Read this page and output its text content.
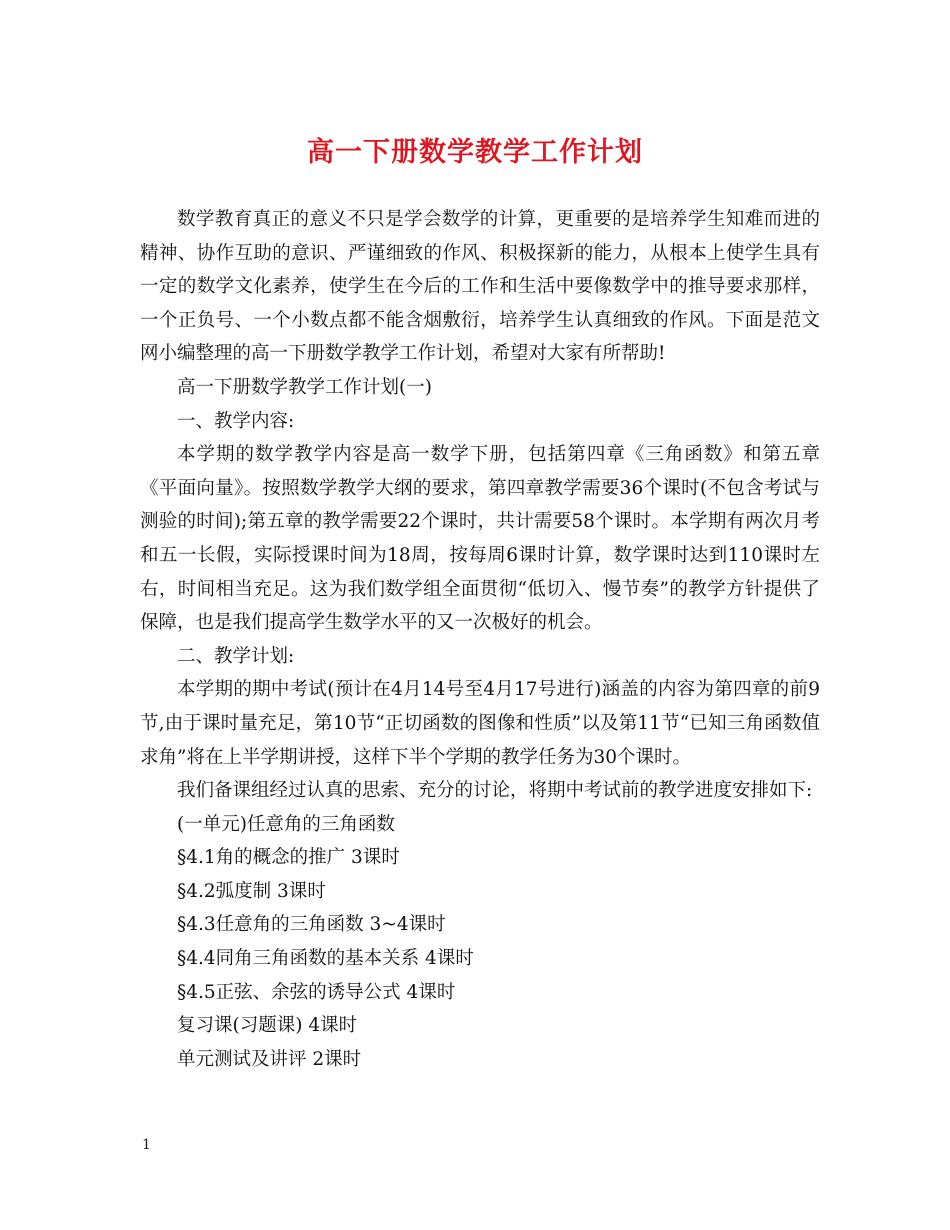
高一下册数学教学工作计划

数学教育真正的意义不只是学会数学的计算，更重要的是培养学生知难而进的精神、协作互助的意识、严谨细致的作风、积极探新的能力，从根本上使学生具有一定的数学文化素养，使学生在今后的工作和生活中要像数学中的推导要求那样，一个正负号、一个小数点都不能含烟敷衍，培养学生认真细致的作风。下面是范文网小编整理的高一下册数学教学工作计划，希望对大家有所帮助!

高一下册数学教学工作计划(一)

一、教学内容:

本学期的数学教学内容是高一数学下册，包括第四章《三角函数》和第五章《平面向量》。按照数学教学大纲的要求，第四章教学需要36个课时(不包含考试与测验的时间);第五章的教学需要22个课时，共计需要58个课时。本学期有两次月考和五一长假，实际授课时间为18周，按每周6课时计算，数学课时达到110课时左右，时间相当充足。这为我们数学组全面贯彻“低切入、慢节奏”的教学方针提供了保障，也是我们提高学生数学水平的又一次极好的机会。

二、教学计划:

本学期的期中考试(预计在4月14号至4月17号进行)涵盖的内容为第四章的前9节,由于课时量充足，第10节“正切函数的图像和性质”以及第11节“已知三角函数值求角”将在上半学期讲授，这样下半个学期的教学任务为30个课时。

我们备课组经过认真的思索、充分的讨论，将期中考试前的教学进度安排如下:

(一单元)任意角的三角函数

§4.1角的概念的推广 3课时

§4.2弧度制 3课时

§4.3任意角的三角函数 3~4课时

§4.4同角三角函数的基本关系 4课时

§4.5正弦、余弦的诱导公式 4课时

复习课(习题课) 4课时

单元测试及讲评 2课时

1
